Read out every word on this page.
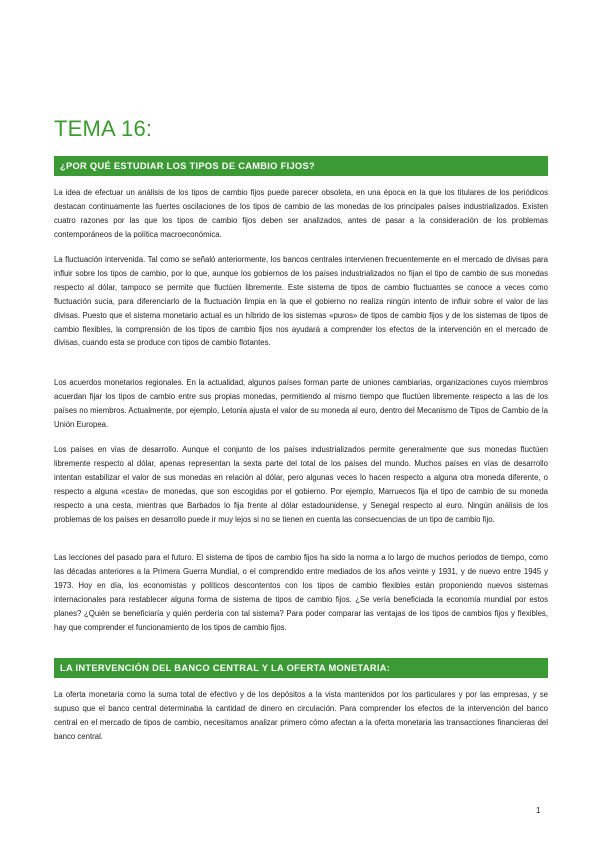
TEMA 16:
¿POR QUÉ ESTUDIAR LOS TIPOS DE CAMBIO FIJOS?

La idea de efectuar un análisis de los tipos de cambio fijos puede parecer obsoleta, en una época en la que los titulares de los periódicos destacan continuamente las fuertes oscilaciones de los tipos de cambio de las monedas de los principales países industrializados. Existen cuatro razones por las que los tipos de cambio fijos deben ser analizados, antes de pasar a la consideración de los problemas contemporáneos de la política macroeconómica.

La fluctuación intervenida. Tal como se señaló anteriormente, los bancos centrales intervienen frecuentemente en el mercado de divisas para influir sobre los tipos de cambio, por lo que, aunque los gobiernos de los países industrializados no fijan el tipo de cambio de sus monedas respecto al dólar, tampoco se permite que fluctúen libremente. Este sistema de tipos de cambio fluctuantes se conoce a veces como fluctuación sucia, para diferenciarlo de la fluctuación limpia en la que el gobierno no realiza ningún intento de influir sobre el valor de las divisas. Puesto que el sistema monetario actual es un híbrido de los sistemas «puros» de tipos de cambio fijos y de los sistemas de tipos de cambio flexibles, la comprensión de los tipos de cambio fijos nos ayudará a comprender los efectos de la intervención en el mercado de divisas, cuando esta se produce con tipos de cambio flotantes.

Los acuerdos monetarios regionales. En la actualidad, algunos países forman parte de uniones cambiarias, organizaciones cuyos miembros acuerdan fijar los tipos de cambio entre sus propias monedas, permitiendo al mismo tiempo que fluctúen libremente respecto a las de los países no miembros. Actualmente, por ejemplo, Letonia ajusta el valor de su moneda al euro, dentro del Mecanismo de Tipos de Cambio de la Unión Europea.

Los países en vías de desarrollo. Aunque el conjunto de los países industrializados permite generalmente que sus monedas fluctúen libremente respecto al dólar, apenas representan la sexta parte del total de los países del mundo. Muchos países en vías de desarrollo intentan estabilizar el valor de sus monedas en relación al dólar, pero algunas veces lo hacen respecto a alguna otra moneda diferente, o respecto a alguna «cesta» de monedas, que son escogidas por el gobierno. Por ejemplo, Marruecos fija el tipo de cambio de su moneda respecto a una cesta, mientras que Barbados lo fija frente al dólar estadounidense, y Senegal respecto al euro. Ningún análisis de los problemas de los países en desarrollo puede ir muy lejos si no se tienen en cuenta las consecuencias de un tipo de cambio fijo.

Las lecciones del pasado para el futuro. El sistema de tipos de cambio fijos ha sido la norma a lo largo de muchos periodos de tiempo, como las décadas anteriores a la Primera Guerra Mundial, o el comprendido entre mediados de los años veinte y 1931, y de nuevo entre 1945 y 1973. Hoy en día, los economistas y políticos descontentos con los tipos de cambio flexibles están proponiendo nuevos sistemas internacionales para restablecer alguna forma de sistema de tipos de cambio fijos. ¿Se vería beneficiada la economía mundial por estos planes? ¿Quién se beneficiaría y quién perdería con tal sistema? Para poder comparar las ventajas de los tipos de cambios fijos y flexibles, hay que comprender el funcionamiento de los tipos de cambio fijos.

LA INTERVENCIÓN DEL BANCO CENTRAL Y LA OFERTA MONETARIA:

La oferta monetaria como la suma total de efectivo y de los depósitos a la vista mantenidos por los particulares y por las empresas, y se supuso que el banco central determinaba la cantidad de dinero en circulación. Para comprender los efectos de la intervención del banco central en el mercado de tipos de cambio, necesitamos analizar primero cómo afectan a la oferta monetaria las transacciones financieras del banco central.

1
